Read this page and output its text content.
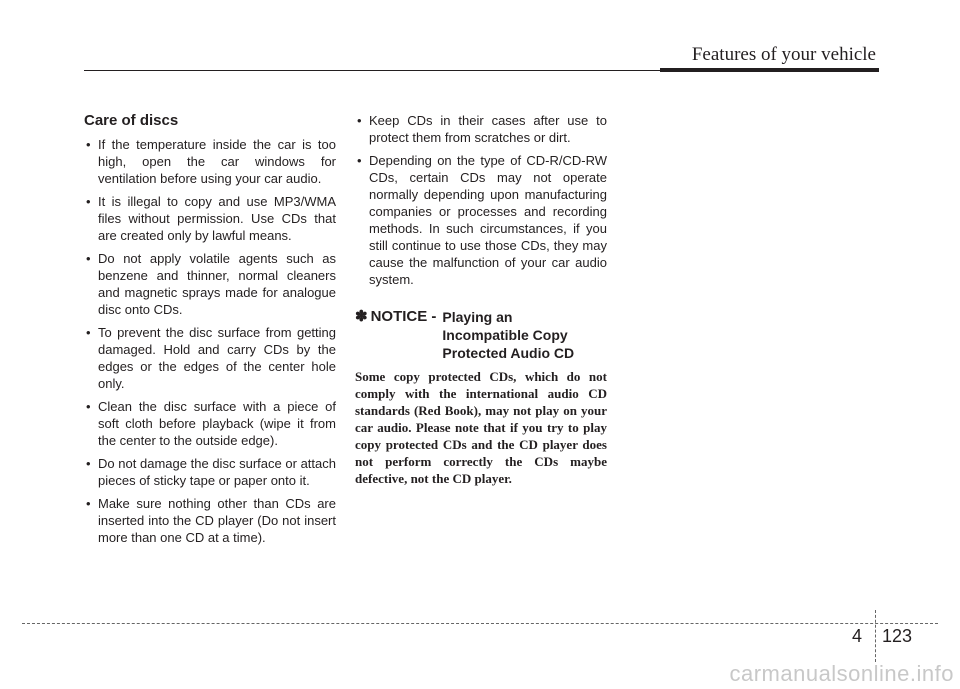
Features of your vehicle
Care of discs
• If the temperature inside the car is too high, open the car windows for ventilation before using your car audio.
• It is illegal to copy and use MP3/WMA files without permission. Use CDs that are created only by lawful means.
• Do not apply volatile agents such as benzene and thinner, normal cleaners and magnetic sprays made for analogue disc onto CDs.
• To prevent the disc surface from getting damaged. Hold and carry CDs by the edges or the edges of the center hole only.
• Clean the disc surface with a piece of soft cloth before playback (wipe it from the center to the outside edge).
• Do not damage the disc surface or attach pieces of sticky tape or paper onto it.
• Make sure nothing other than CDs are inserted into the CD player (Do not insert more than one CD at a time).
• Keep CDs in their cases after use to protect them from scratches or dirt.
• Depending on the type of CD-R/CD-RW CDs, certain CDs may not operate normally depending upon manufacturing companies or processes and recording methods. In such circumstances, if you still continue to use those CDs, they may cause the malfunction of your car audio system.
✽ NOTICE - Playing an
Incompatible Copy
Protected Audio CD
Some copy protected CDs, which do not comply with the international audio CD standards (Red Book), may not play on your car audio. Please note that if you try to play copy protected CDs and the CD player does not perform correctly the CDs maybe defective, not the CD player.
4 123
carmanualsonline.info
